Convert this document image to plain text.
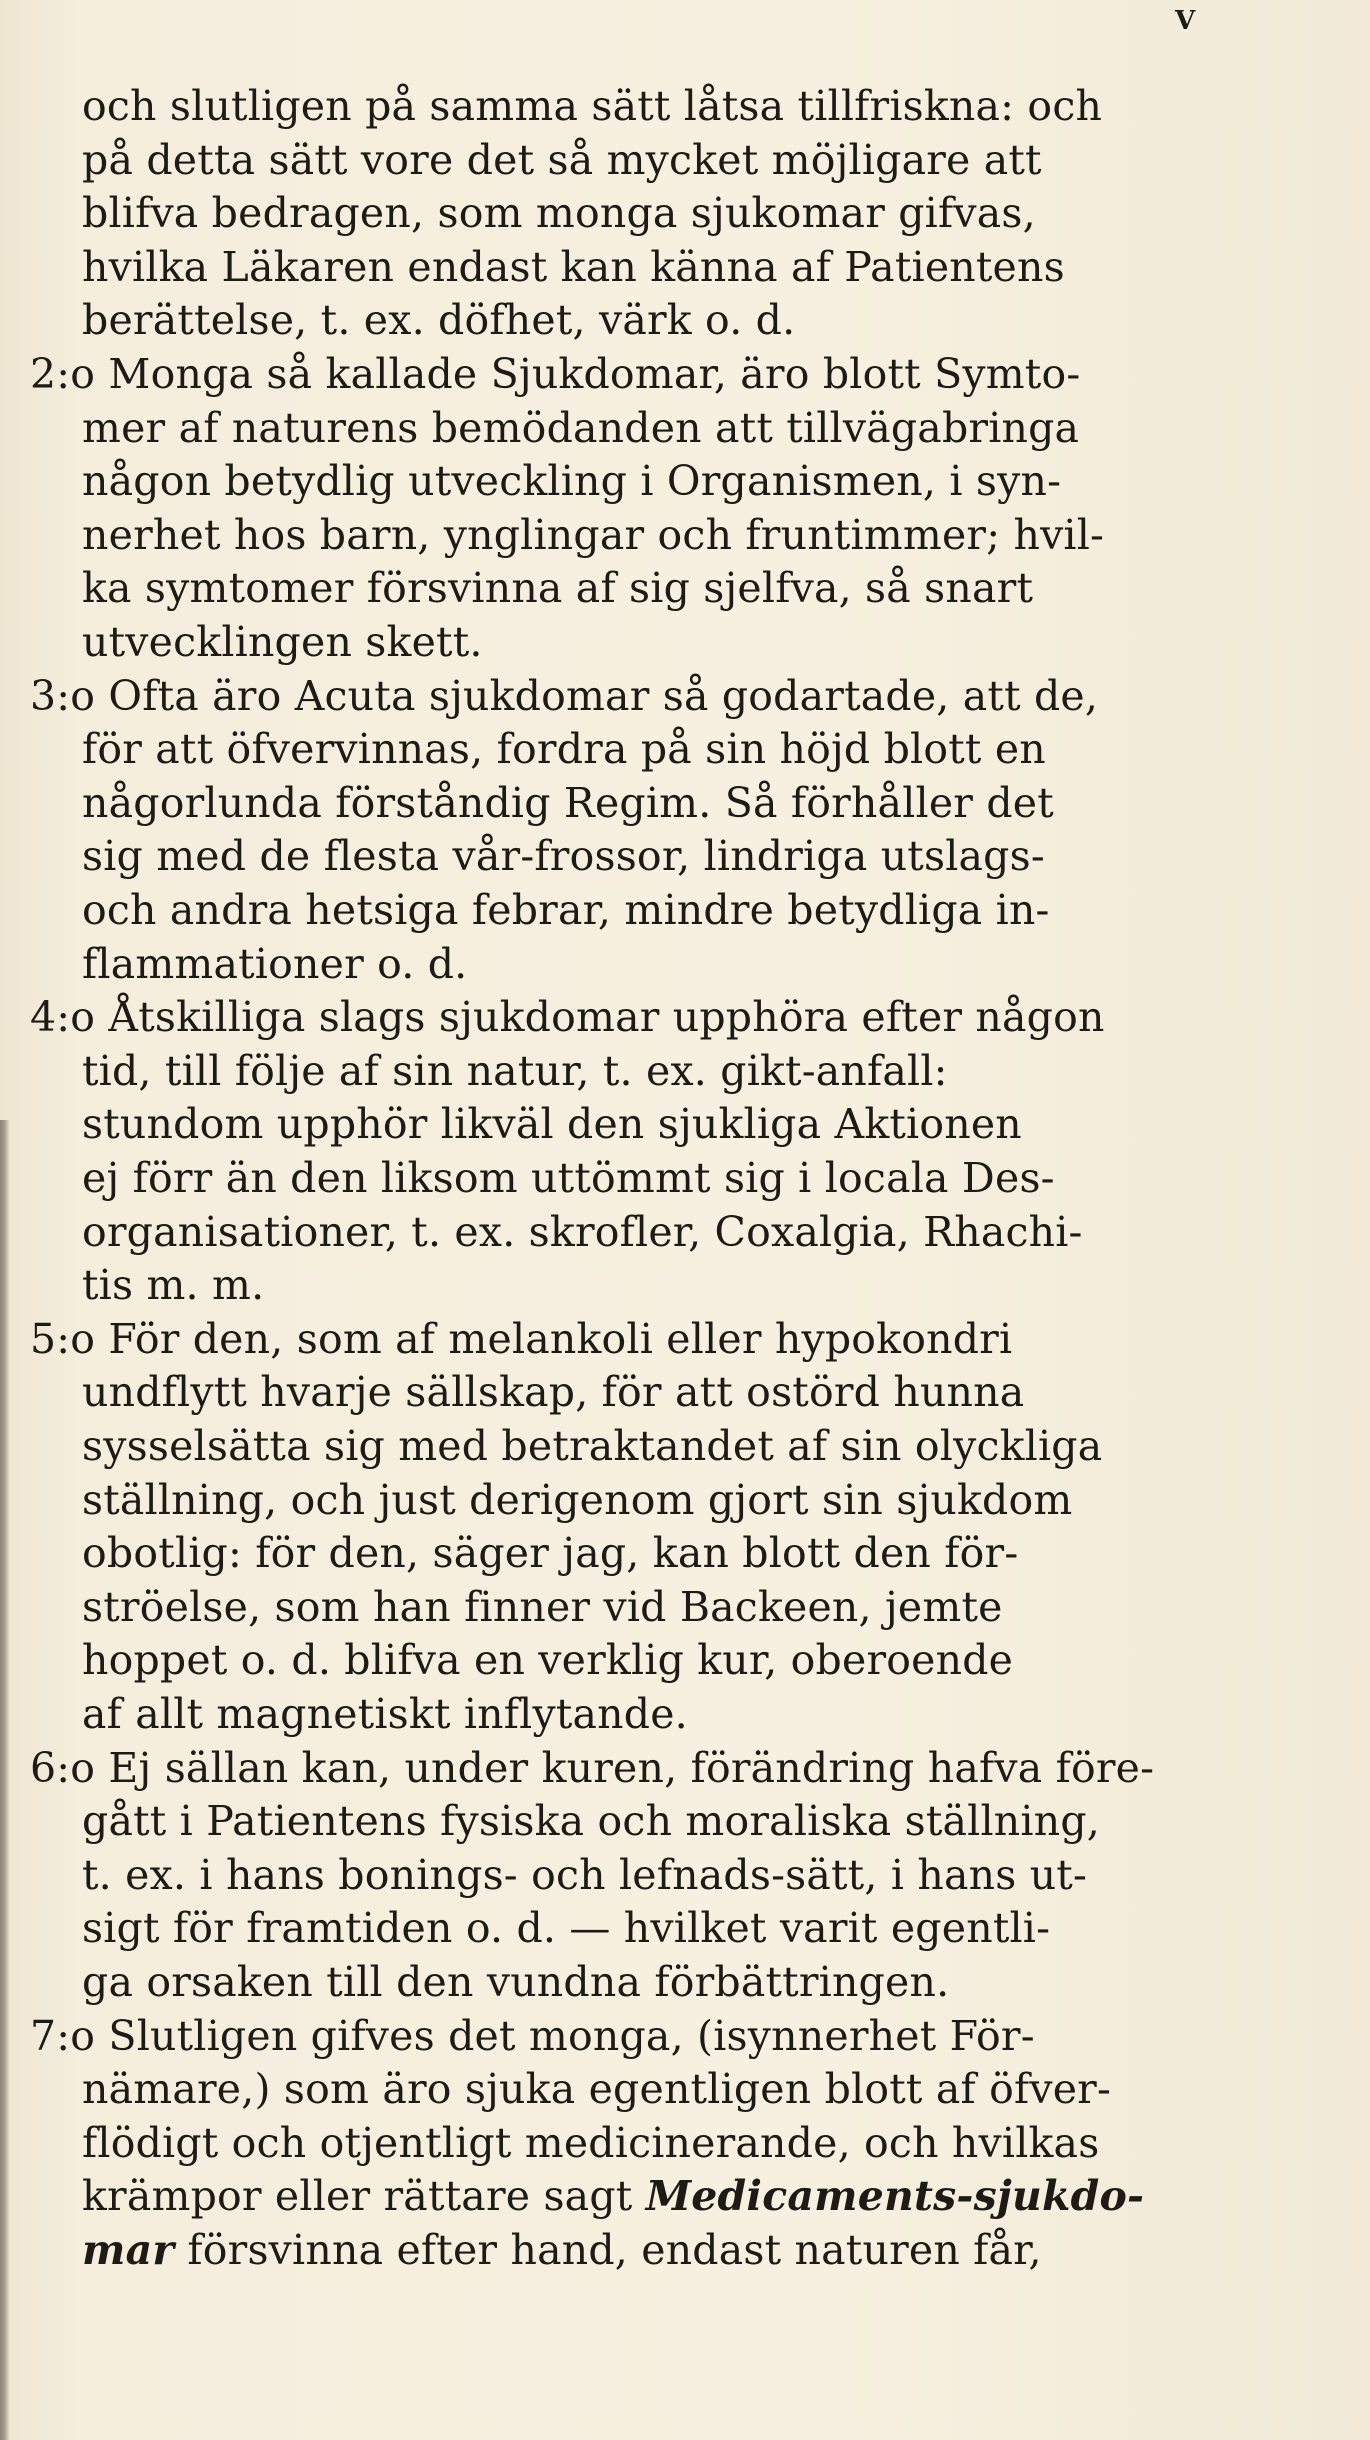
V
och slutligen på samma sätt låtsa tillfriskna: och
på detta sätt vore det så mycket möjligare att
blifva bedragen, som monga sjukomar gifvas,
hvilka Läkaren endast kan känna af Patientens
berättelse, t. ex. döfhet, värk o. d.
2:o Monga så kallade Sjukdomar, äro blott Symto-
mer af naturens bemödanden att tillvägabringa
någon betydlig utveckling i Organismen, i syn-
nerhet hos barn, ynglingar och fruntimmer; hvil-
ka symtomer försvinna af sig sjelfva, så snart
utvecklingen skett.
3:o Ofta äro Acuta sjukdomar så godartade, att de,
för att öfvervinnas, fordra på sin höjd blott en
någorlunda förståndig Regim. Så förhåller det
sig med de flesta vår-frossor, lindriga utslags-
och andra hetsiga febrar, mindre betydliga in-
flammationer o. d.
4:o Åtskilliga slags sjukdomar upphöra efter någon
tid, till följe af sin natur, t. ex. gikt-anfall:
stundom upphör likväl den sjukliga Aktionen
ej förr än den liksom uttömmt sig i locala Des-
organisationer, t. ex. skrofler, Coxalgia, Rhachi-
tis m. m.
5:o För den, som af melankoli eller hypokondri
undflytt hvarje sällskap, för att ostörd hunna
sysselsätta sig med betraktandet af sin olyckliga
ställning, och just derigenom gjort sin sjukdom
obotlig: för den, säger jag, kan blott den för-
ströelse, som han finner vid Backeen, jemte
hoppet o. d. blifva en verklig kur, oberoende
af allt magnetiskt inflytande.
6:o Ej sällan kan, under kuren, förändring hafva före-
gått i Patientens fysiska och moraliska ställning,
t. ex. i hans bonings- och lefnads-sätt, i hans ut-
sigt för framtiden o. d. — hvilket varit egentli-
ga orsaken till den vundna förbättringen.
7:o Slutligen gifves det monga, (isynnerhet För-
nämare,) som äro sjuka egentligen blott af öfver-
flödigt och otjentligt medicinerande, och hvilkas
krämpor eller rättare sagt Medicaments-sjukdo-
mar försvinna efter hand, endast naturen får,
